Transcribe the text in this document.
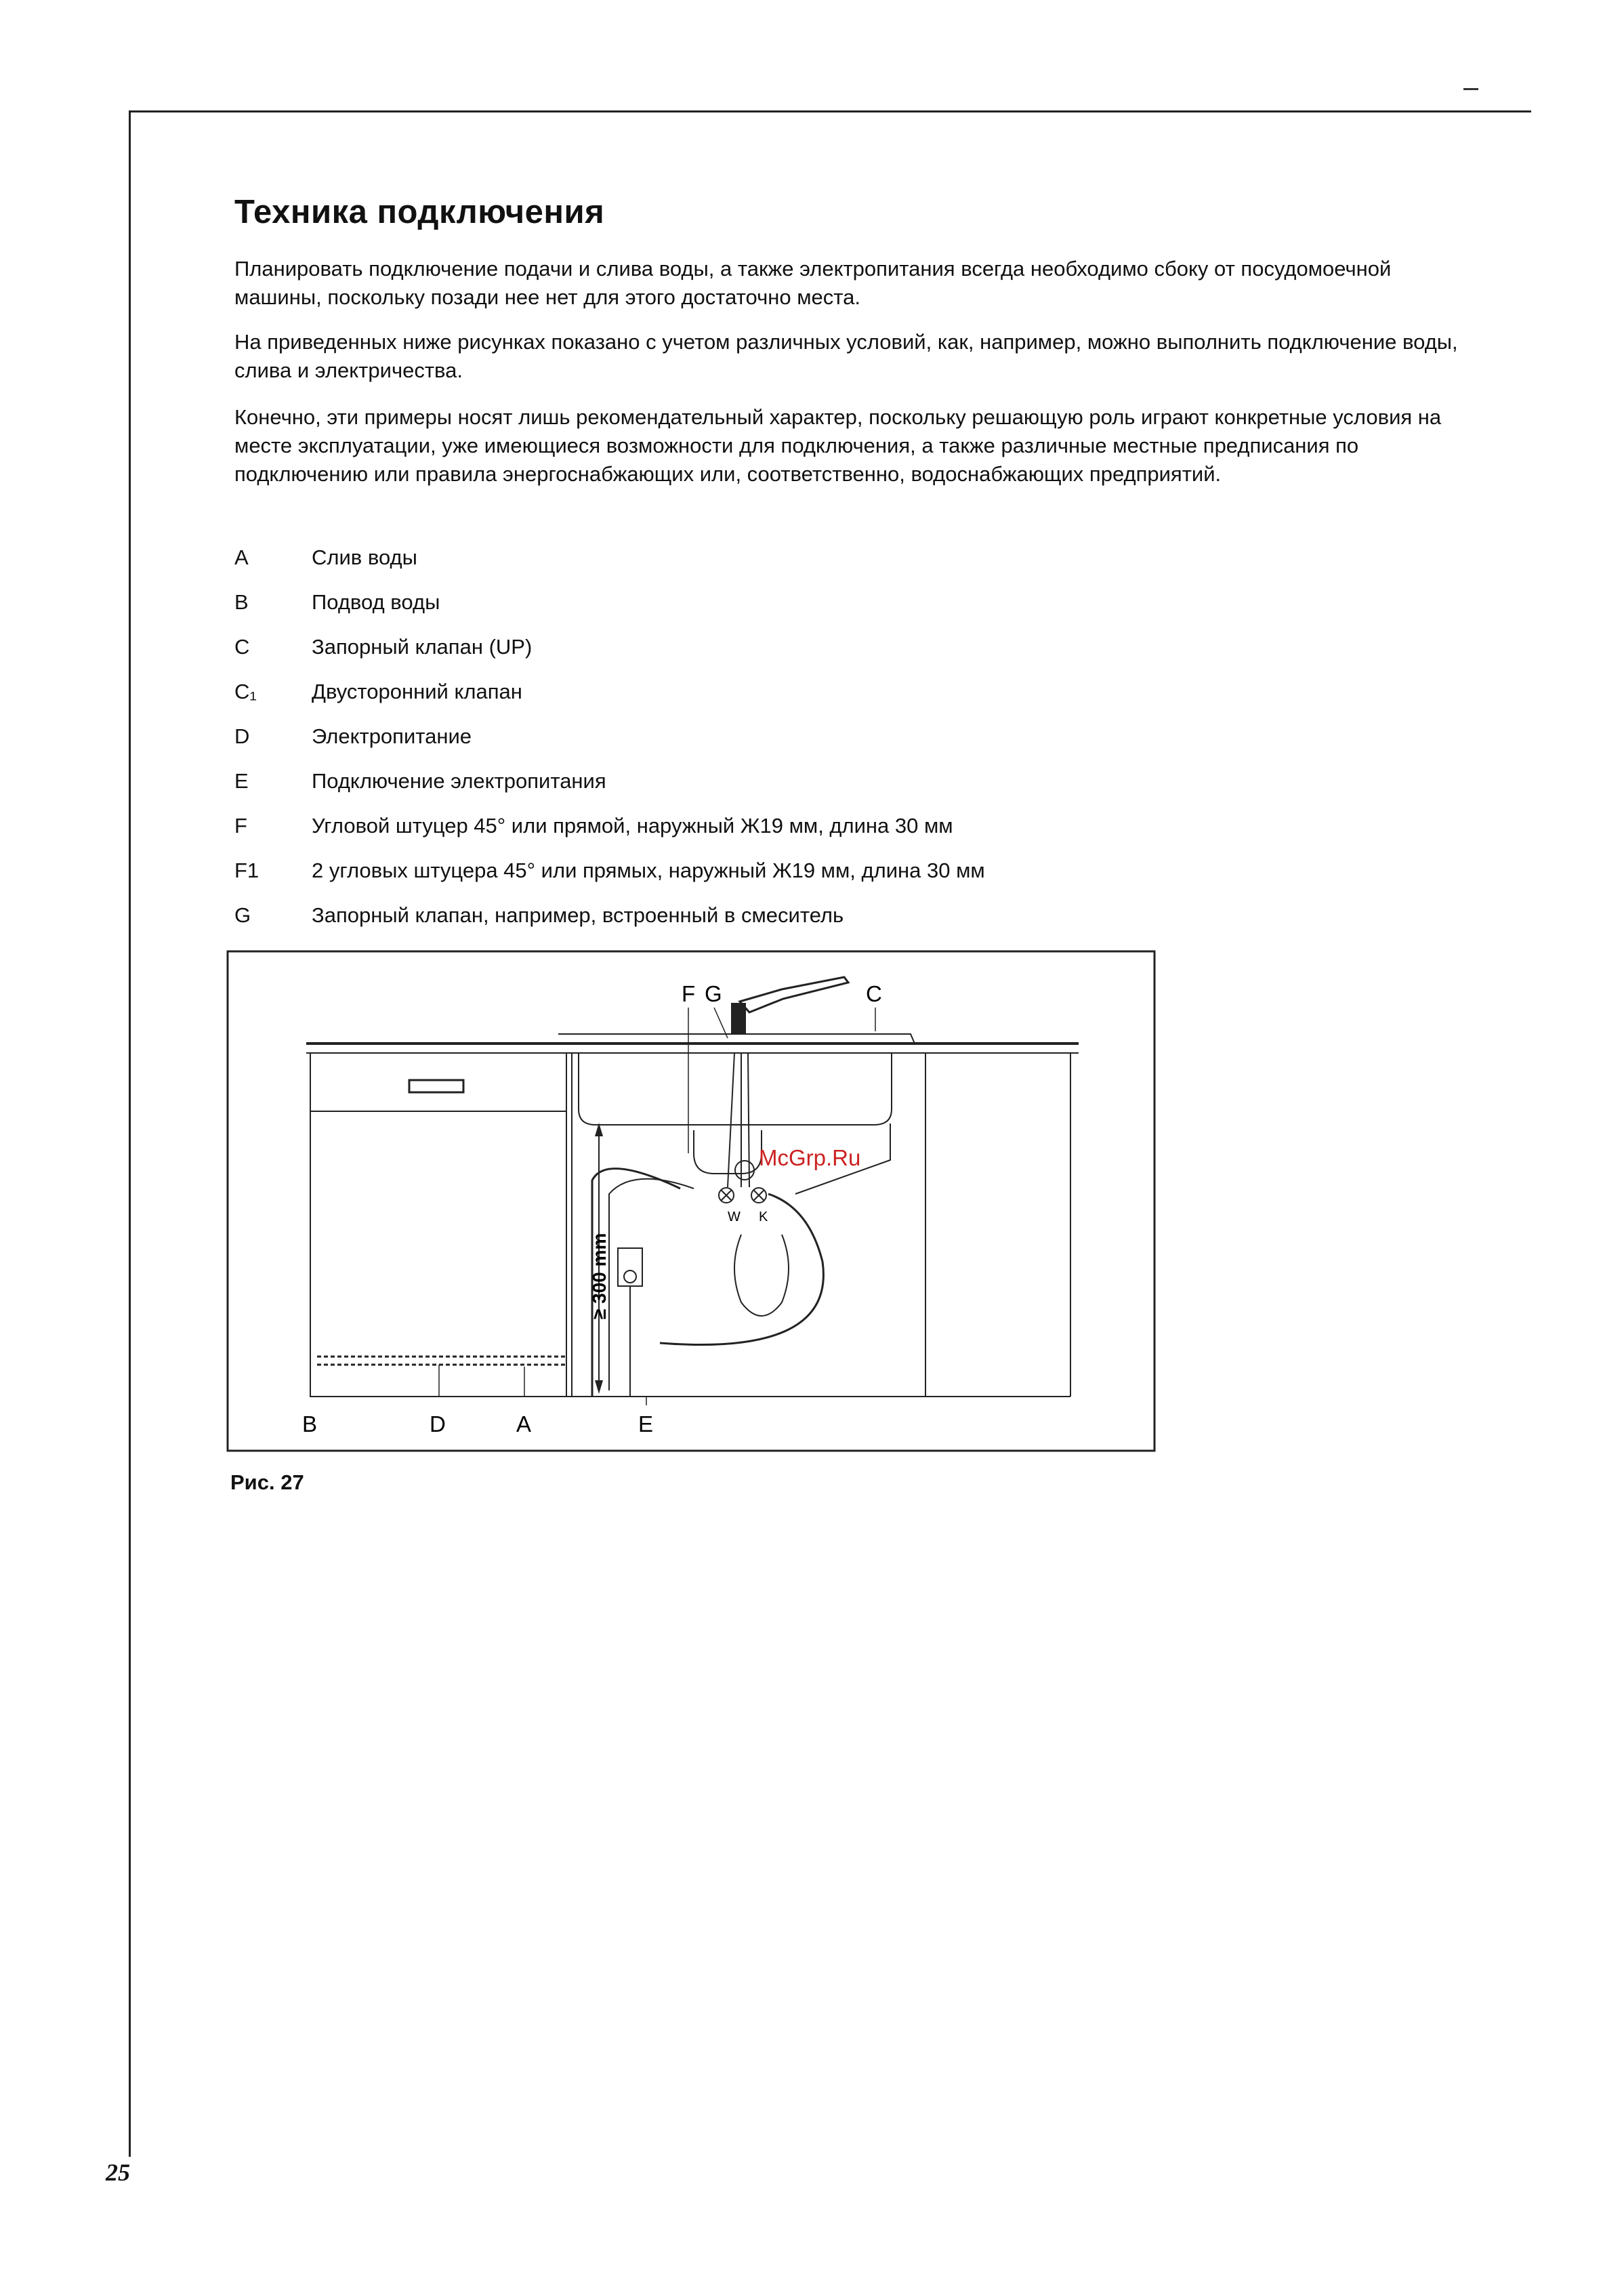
Техника подключения
Планировать подключение подачи и слива воды, а также электропитания всегда необходимо сбоку от посудомоечной машины, поскольку позади нее нет для этого достаточно места.
На приведенных ниже рисунках показано с учетом различных условий, как, например, можно выполнить подключение воды, слива и электричества.
Конечно, эти примеры носят лишь рекомендательный характер, поскольку решающую роль играют конкретные условия на месте эксплуатации, уже имеющиеся возможности для подключения, а также различные местные предписания по подключению или правила энергоснабжающих или, соответственно, водоснабжающих предприятий.
A	Слив воды
B	Подвод воды
C	Запорный клапан (UP)
C₁	Двусторонний клапан
D	Электропитание
E	Подключение электропитания
F	Угловой штуцер 45° или прямой, наружный Ж19 мм, длина 30 мм
F1	2 угловых штуцера 45° или прямых, наружный Ж19 мм, длина 30 мм
G	Запорный клапан, например, встроенный в смеситель
F G	C
B	D	A	E
W K
≥ 300 mm
McGrp.Ru
Рис. 27
25
